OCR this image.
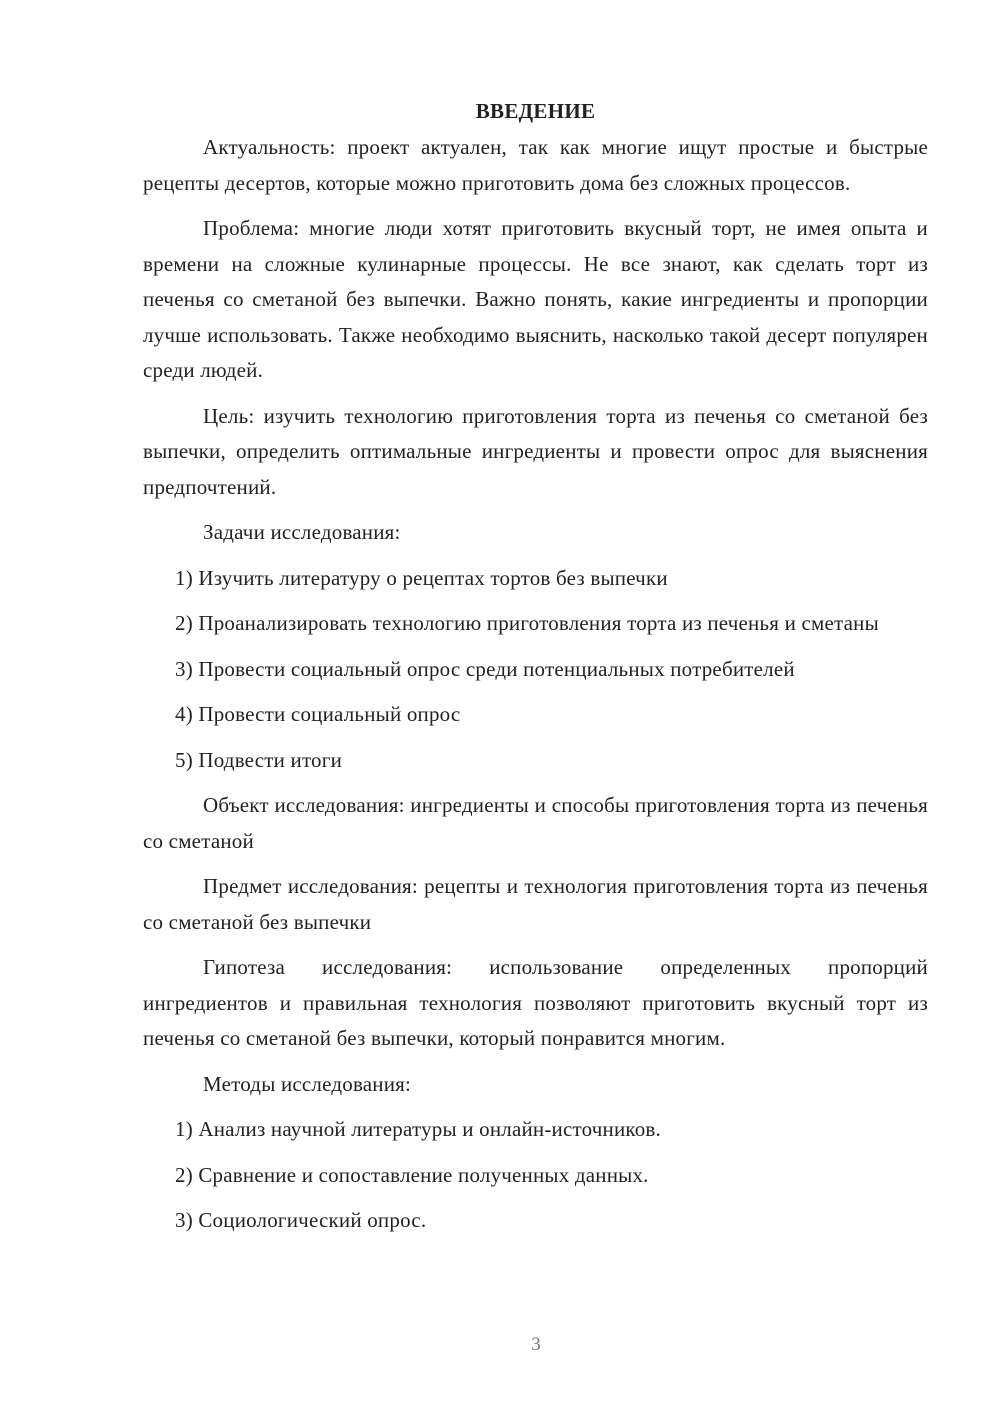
ВВЕДЕНИЕ

Актуальность: проект актуален, так как многие ищут простые и быстрые рецепты десертов, которые можно приготовить дома без сложных процессов.

Проблема: многие люди хотят приготовить вкусный торт, не имея опыта и времени на сложные кулинарные процессы. Не все знают, как сделать торт из печенья со сметаной без выпечки. Важно понять, какие ингредиенты и пропорции лучше использовать. Также необходимо выяснить, насколько такой десерт популярен среди людей.

Цель: изучить технологию приготовления торта из печенья со сметаной без выпечки, определить оптимальные ингредиенты и провести опрос для выяснения предпочтений.

Задачи исследования:

1) Изучить литературу о рецептах тортов без выпечки

2) Проанализировать технологию приготовления торта из печенья и сметаны

3) Провести социальный опрос среди потенциальных потребителей

4) Провести социальный опрос

5) Подвести итоги

Объект исследования: ингредиенты и способы приготовления торта из печенья со сметаной

Предмет исследования: рецепты и технология приготовления торта из печенья со сметаной без выпечки

Гипотеза исследования: использование определенных пропорций ингредиентов и правильная технология позволяют приготовить вкусный торт из печенья со сметаной без выпечки, который понравится многим.

Методы исследования:

1) Анализ научной литературы и онлайн-источников.

2) Сравнение и сопоставление полученных данных.

3) Социологический опрос.

3
